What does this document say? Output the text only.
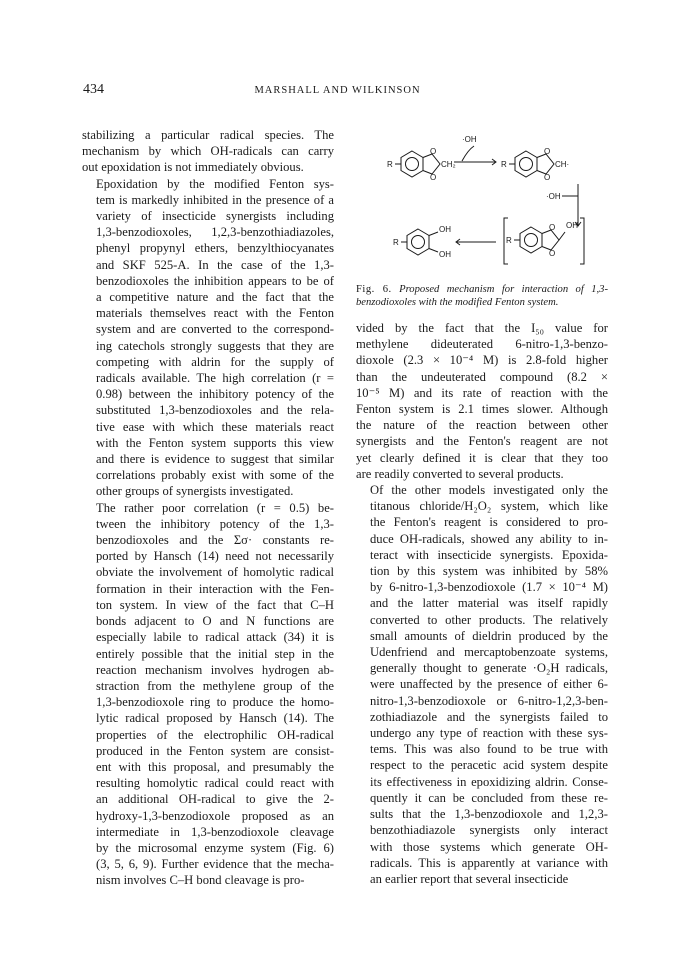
434	MARSHALL AND WILKINSON

stabilizing a particular radical species. The
mechanism by which OH-radicals can carry
out epoxidation is not immediately obvious.

Epoxidation by the modified Fenton sys-
tem is markedly inhibited in the presence of a
variety of insecticide synergists including
1,3-benzodioxoles, 1,2,3-benzothiadiazoles,
phenyl propynyl ethers, benzylthiocyanates
and SKF 525-A. In the case of the 1,3-
benzodioxoles the inhibition appears to be of
a competitive nature and the fact that the
materials themselves react with the Fenton
system and are converted to the correspond-
ing catechols strongly suggests that they are
competing with aldrin for the supply of
radicals available. The high correlation (r =
0.98) between the inhibitory potency of the
substituted 1,3-benzodioxoles and the rela-
tive ease with which these materials react
with the Fenton system supports this view
and there is evidence to suggest that similar
correlations probably exist with some of the
other groups of synergists investigated.

The rather poor correlation (r = 0.5) be-
tween the inhibitory potency of the 1,3-
benzodioxoles and the Σσ· constants re-
ported by Hansch (14) need not necessarily
obviate the involvement of homolytic radical
formation in their interaction with the Fen-
ton system. In view of the fact that C–H
bonds adjacent to O and N functions are
especially labile to radical attack (34) it is
entirely possible that the initial step in the
reaction mechanism involves hydrogen ab-
straction from the methylene group of the
1,3-benzodioxole ring to produce the homo-
lytic radical proposed by Hansch (14). The
properties of the electrophilic OH-radical
produced in the Fenton system are consist-
ent with this proposal, and presumably the
resulting homolytic radical could react with
an additional OH-radical to give the 2-
hydroxy-1,3-benzodioxole proposed as an
intermediate in 1,3-benzodioxole cleavage
by the microsomal enzyme system (Fig. 6)
(3, 5, 6, 9). Further evidence that the mecha-
nism involves C–H bond cleavage is pro-

·OH
·OH
R	R
R
R
CH₂	CH·
OH
OH
OH
O
O
O
O
O
O
Fig. 6. Proposed mechanism for interaction of 1,3-benzodioxoles with the modified Fenton system.

vided by the fact that the I₅₀ value for
methylene dideuterated 6-nitro-1,3-benzo-
dioxole (2.3 × 10⁻⁴ M) is 2.8-fold higher
than the undeuterated compound (8.2 ×
10⁻⁵ M) and its rate of reaction with the
Fenton system is 2.1 times slower. Although
the nature of the reaction between other
synergists and the Fenton's reagent are not
yet clearly defined it is clear that they too
are readily converted to several products.

Of the other models investigated only the
titanous chloride/H₂O₂ system, which like
the Fenton's reagent is considered to pro-
duce OH-radicals, showed any ability to in-
teract with insecticide synergists. Epoxida-
tion by this system was inhibited by 58%
by 6-nitro-1,3-benzodioxole (1.7 × 10⁻⁴ M)
and the latter material was itself rapidly
converted to other products. The relatively
small amounts of dieldrin produced by the
Udenfriend and mercaptobenzoate systems,
generally thought to generate ·O₂H radicals,
were unaffected by the presence of either 6-
nitro-1,3-benzodioxole or 6-nitro-1,2,3-ben-
zothiadiazole and the synergists failed to
undergo any type of reaction with these sys-
tems. This was also found to be true with
respect to the peracetic acid system despite
its effectiveness in epoxidizing aldrin. Conse-
quently it can be concluded from these re-
sults that the 1,3-benzodioxole and 1,2,3-
benzothiadiazole synergists only interact
with those systems which generate OH-
radicals. This is apparently at variance with
an earlier report that several insecticide
